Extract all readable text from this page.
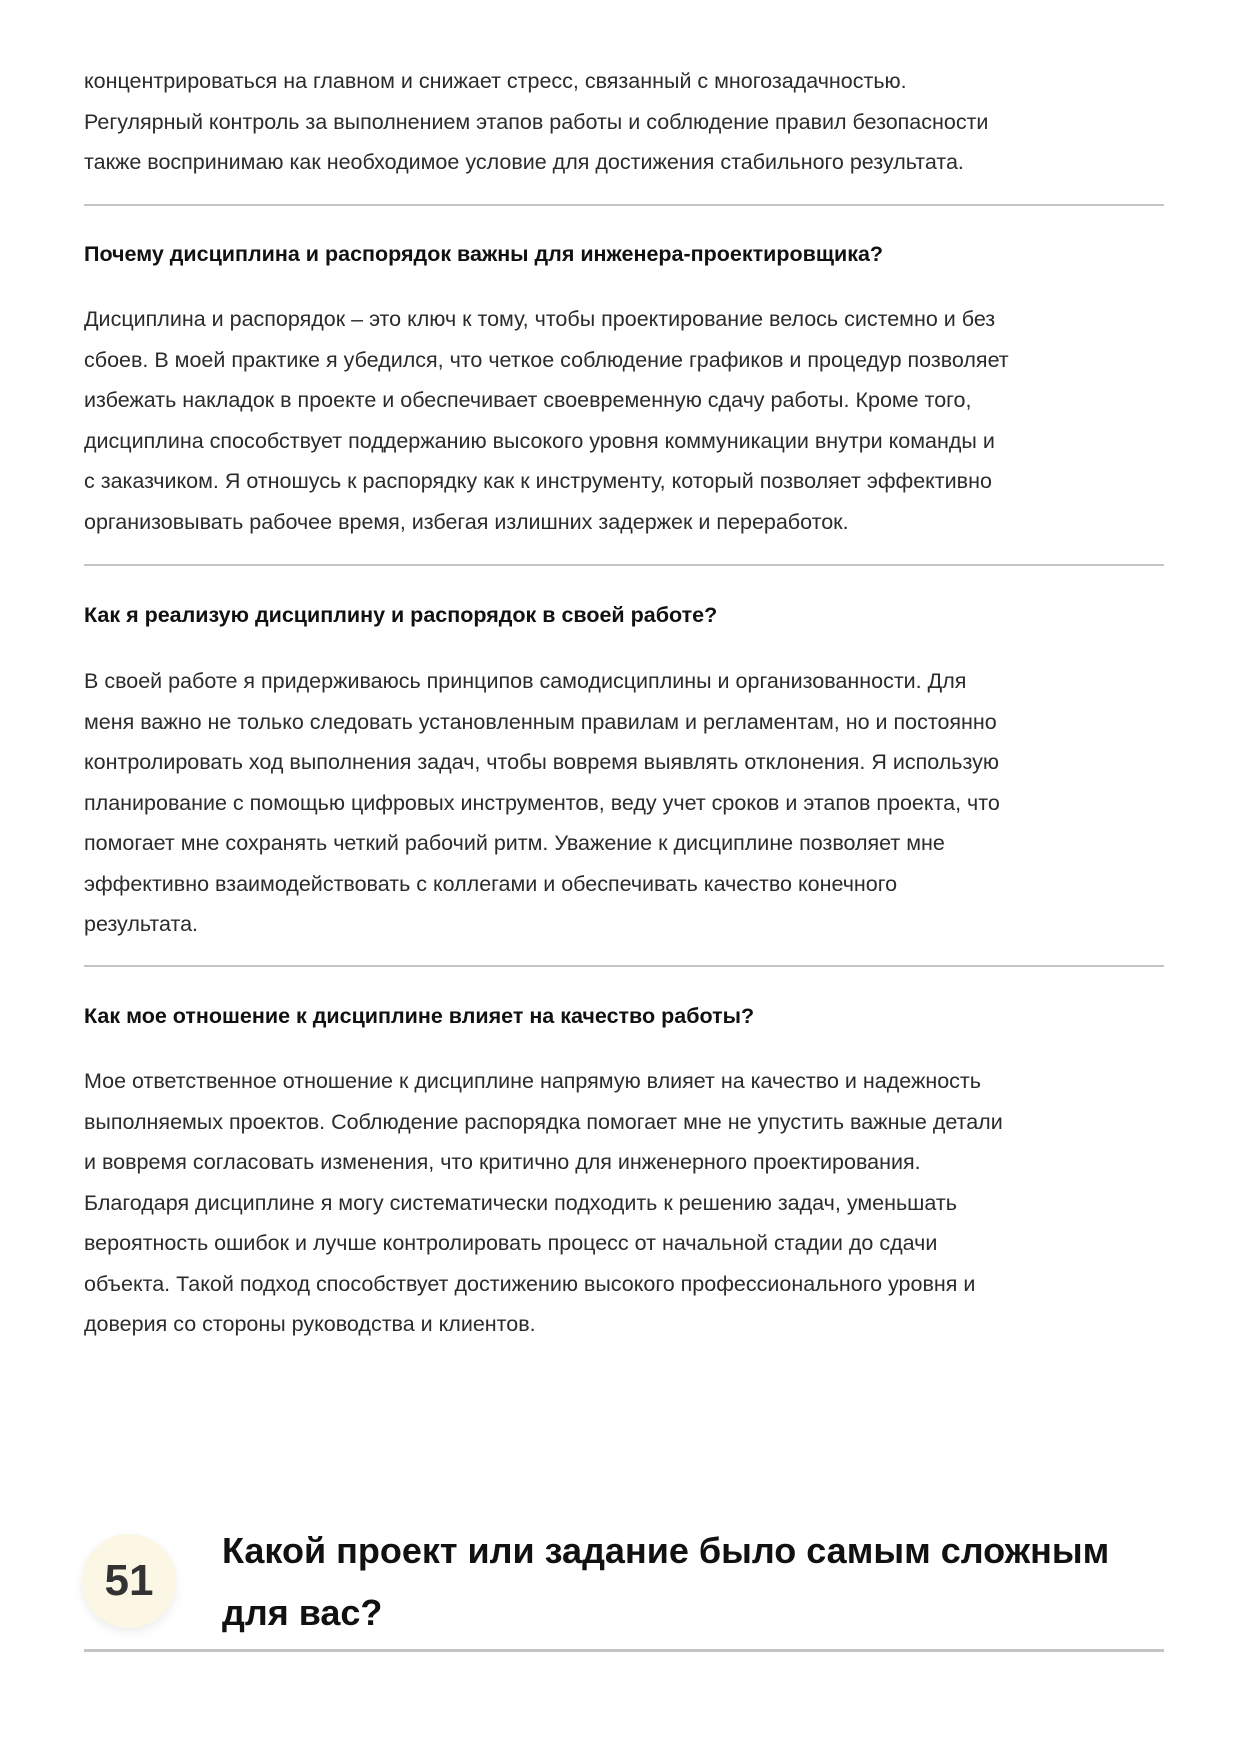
концентрироваться на главном и снижает стресс, связанный с многозадачностью.
Регулярный контроль за выполнением этапов работы и соблюдение правил безопасности
также воспринимаю как необходимое условие для достижения стабильного результата.
Почему дисциплина и распорядок важны для инженера-проектировщика?
Дисциплина и распорядок – это ключ к тому, чтобы проектирование велось системно и без
сбоев. В моей практике я убедился, что четкое соблюдение графиков и процедур позволяет
избежать накладок в проекте и обеспечивает своевременную сдачу работы. Кроме того,
дисциплина способствует поддержанию высокого уровня коммуникации внутри команды и
с заказчиком. Я отношусь к распорядку как к инструменту, который позволяет эффективно
организовывать рабочее время, избегая излишних задержек и переработок.
Как я реализую дисциплину и распорядок в своей работе?
В своей работе я придерживаюсь принципов самодисциплины и организованности. Для
меня важно не только следовать установленным правилам и регламентам, но и постоянно
контролировать ход выполнения задач, чтобы вовремя выявлять отклонения. Я использую
планирование с помощью цифровых инструментов, веду учет сроков и этапов проекта, что
помогает мне сохранять четкий рабочий ритм. Уважение к дисциплине позволяет мне
эффективно взаимодействовать с коллегами и обеспечивать качество конечного
результата.
Как мое отношение к дисциплине влияет на качество работы?
Мое ответственное отношение к дисциплине напрямую влияет на качество и надежность
выполняемых проектов. Соблюдение распорядка помогает мне не упустить важные детали
и вовремя согласовать изменения, что критично для инженерного проектирования.
Благодаря дисциплине я могу систематически подходить к решению задач, уменьшать
вероятность ошибок и лучше контролировать процесс от начальной стадии до сдачи
объекта. Такой подход способствует достижению высокого профессионального уровня и
доверия со стороны руководства и клиентов.
51
Какой проект или задание было самым сложным
для вас?
